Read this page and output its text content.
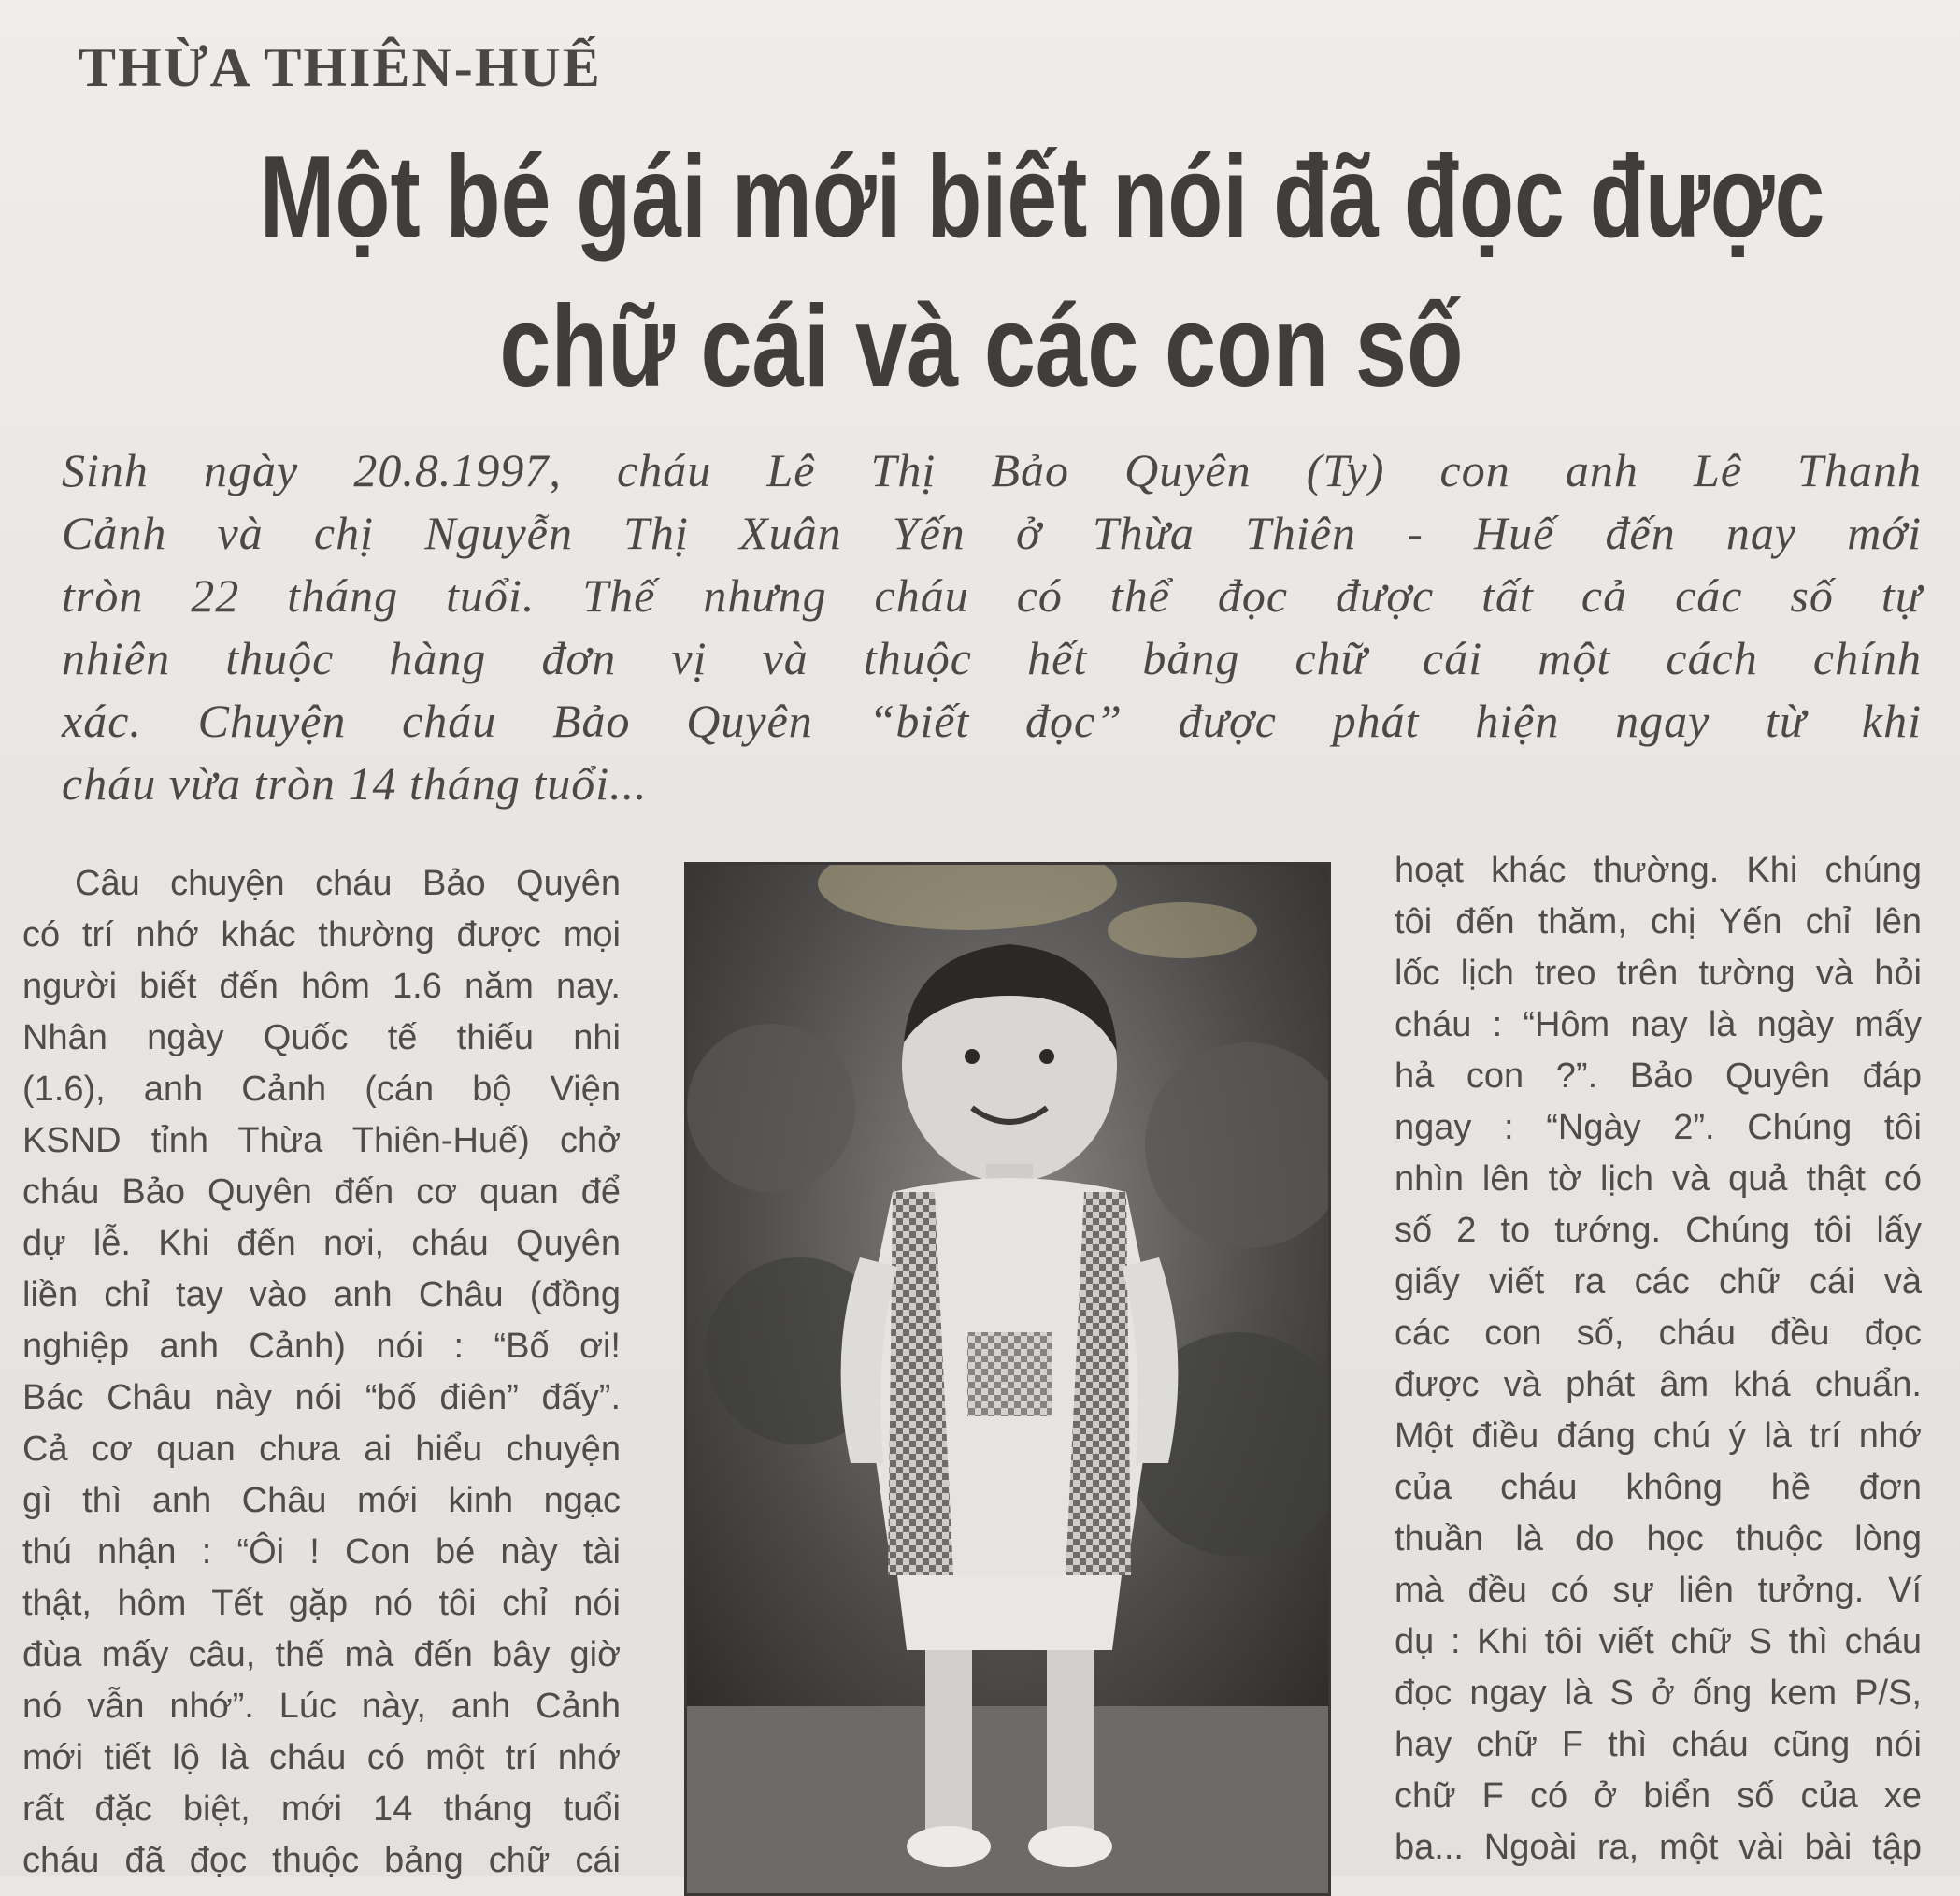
THỪA THIÊN-HUẾ
Một bé gái mới biết nói đã đọc được
chữ cái và các con số
Sinh ngày 20.8.1997, cháu Lê Thị Bảo Quyên (Ty) con anh Lê Thanh
Cảnh và chị Nguyễn Thị Xuân Yến ở Thừa Thiên - Huế đến nay mới
tròn 22 tháng tuổi. Thế nhưng cháu có thể đọc được tất cả các số tự
nhiên thuộc hàng đơn vị và thuộc hết bảng chữ cái một cách chính
xác. Chuyện cháu Bảo Quyên “biết đọc” được phát hiện ngay từ khi
cháu vừa tròn 14 tháng tuổi...
Câu chuyện cháu Bảo Quyên
có trí nhớ khác thường được mọi
người biết đến hôm 1.6 năm nay.
Nhân ngày Quốc tế thiếu nhi
(1.6), anh Cảnh (cán bộ Viện
KSND tỉnh Thừa Thiên-Huế) chở
cháu Bảo Quyên đến cơ quan để
dự lễ. Khi đến nơi, cháu Quyên
liền chỉ tay vào anh Châu (đồng
nghiệp anh Cảnh) nói : “Bố ơi!
Bác Châu này nói “bố điên” đấy”.
Cả cơ quan chưa ai hiểu chuyện
gì thì anh Châu mới kinh ngạc
thú nhận : “Ôi ! Con bé này tài
thật, hôm Tết gặp nó tôi chỉ nói
đùa mấy câu, thế mà đến bây giờ
nó vẫn nhớ”. Lúc này, anh Cảnh
mới tiết lộ là cháu có một trí nhớ
rất đặc biệt, mới 14 tháng tuổi
cháu đã đọc thuộc bảng chữ cái
hoạt khác thường. Khi chúng
tôi đến thăm, chị Yến chỉ lên
lốc lịch treo trên tường và hỏi
cháu : “Hôm nay là ngày mấy
hả con ?”. Bảo Quyên đáp
ngay : “Ngày 2”. Chúng tôi
nhìn lên tờ lịch và quả thật có
số 2 to tướng. Chúng tôi lấy
giấy viết ra các chữ cái và
các con số, cháu đều đọc
được và phát âm khá chuẩn.
Một điều đáng chú ý là trí nhớ
của cháu không hề đơn
thuần là do học thuộc lòng
mà đều có sự liên tưởng. Ví
dụ : Khi tôi viết chữ S thì cháu
đọc ngay là S ở ống kem P/S,
hay chữ F thì cháu cũng nói
chữ F có ở biển số của xe
ba... Ngoài ra, một vài bài tập
